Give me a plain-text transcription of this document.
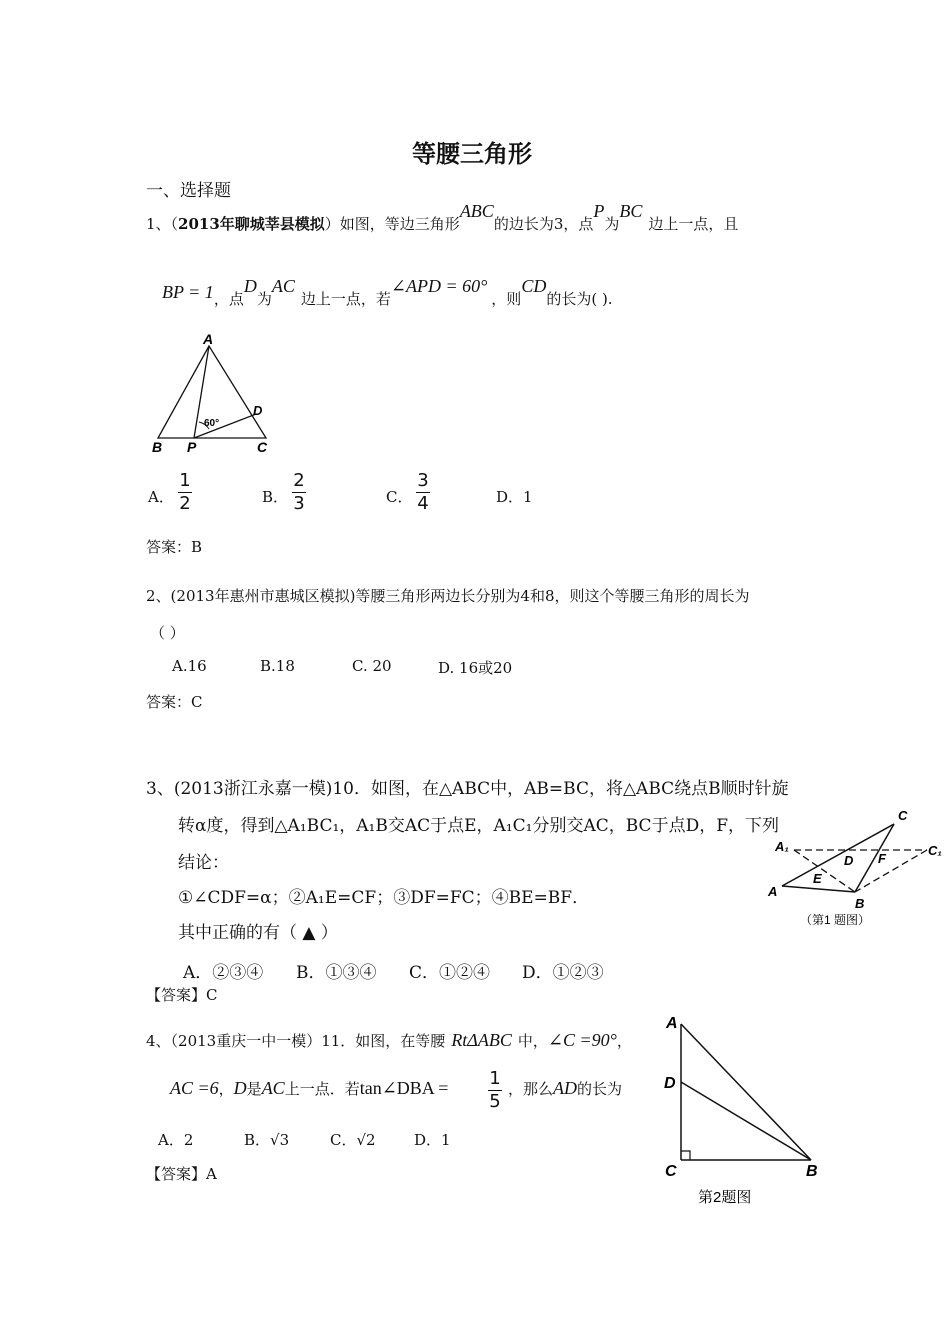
等腰三角形
一、选择题
1、（2013年聊城莘县模拟）如图，等边三角形ABC的边长为3，点P为BC边上一点，且
BP = 1，点D为AC边上一点，若∠APD = 60°，则CD的长为( ).
A
B P	C
D
60°
A． $\frac{1}{2}$	B． $\frac{2}{3}$	C． $\frac{3}{4}$	D．1
答案：B
2、(2013年惠州市惠城区模拟)等腰三角形两边长分别为4和8，则这个等腰三角形的周长为
（ ）
A.16	B.18	C. 20	D. 16或20
答案：C
3、(2013浙江永嘉一模)10．如图，在△ABC中，AB=BC，将△ABC绕点B顺时针旋
转α度，得到△A₁BC₁，A₁B交AC于点E，A₁C₁分别交AC，BC于点D，F，下列
结论：
①∠CDF=α；②A₁E=CF；③DF=FC；④BE=BF．
其中正确的有（ ▲ ）
A．②③④ B．①③④ C．①②④ D．①②③
【答案】C
C
A₁	C₁
D F
E
A
B
（第1 题图）
4、（2013重庆一中一模）11．如图，在等腰 RtΔABC 中，∠C =90°，
AC =6，D是AC上一点．若tan∠DBA = $\frac{1}{5}$ ，那么AD的长为
A．2	B．√3	C．√2	D．1
【答案】A
A
D
C	B
第2题图
